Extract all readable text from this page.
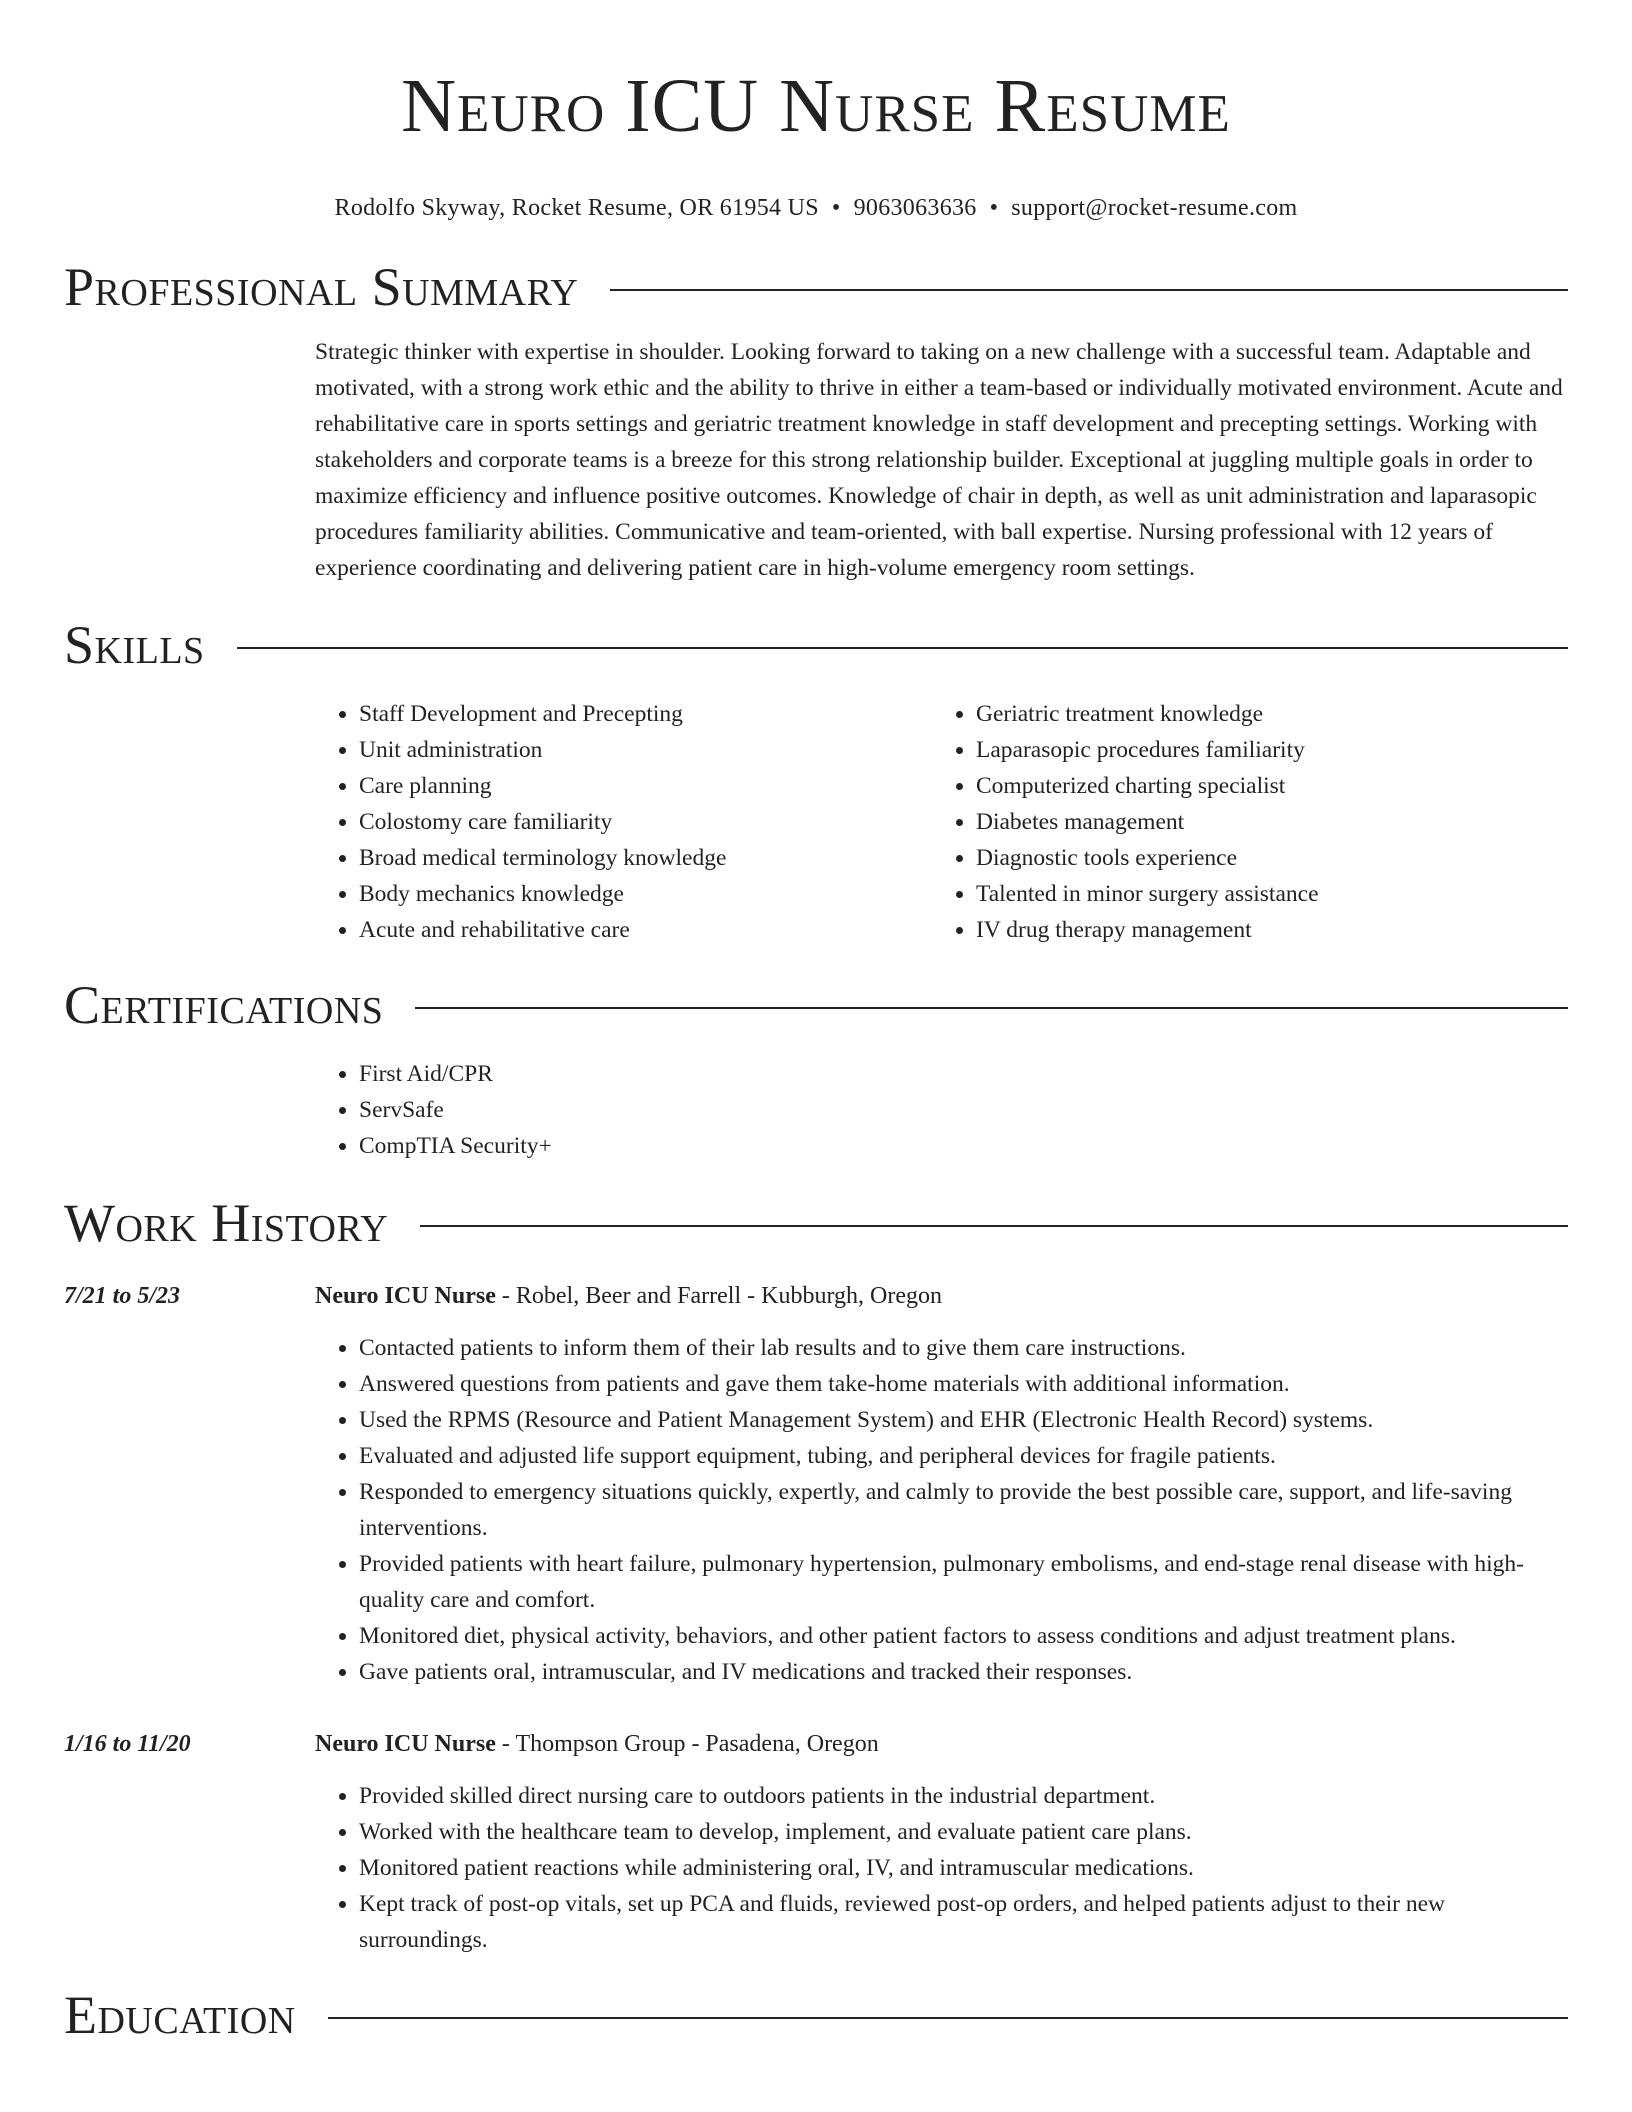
Neuro ICU Nurse Resume
Rodolfo Skyway, Rocket Resume, OR 61954 US • 9063063636 • support@rocket-resume.com
Professional Summary
Strategic thinker with expertise in shoulder. Looking forward to taking on a new challenge with a successful team. Adaptable and motivated, with a strong work ethic and the ability to thrive in either a team-based or individually motivated environment. Acute and rehabilitative care in sports settings and geriatric treatment knowledge in staff development and precepting settings. Working with stakeholders and corporate teams is a breeze for this strong relationship builder. Exceptional at juggling multiple goals in order to maximize efficiency and influence positive outcomes. Knowledge of chair in depth, as well as unit administration and laparasopic procedures familiarity abilities. Communicative and team-oriented, with ball expertise. Nursing professional with 12 years of experience coordinating and delivering patient care in high-volume emergency room settings.
Skills
• Staff Development and Precepting
• Unit administration
• Care planning
• Colostomy care familiarity
• Broad medical terminology knowledge
• Body mechanics knowledge
• Acute and rehabilitative care
• Geriatric treatment knowledge
• Laparasopic procedures familiarity
• Computerized charting specialist
• Diabetes management
• Diagnostic tools experience
• Talented in minor surgery assistance
• IV drug therapy management
Certifications
• First Aid/CPR
• ServSafe
• CompTIA Security+
Work History
7/21 to 5/23	Neuro ICU Nurse - Robel, Beer and Farrell - Kubburgh, Oregon
• Contacted patients to inform them of their lab results and to give them care instructions.
• Answered questions from patients and gave them take-home materials with additional information.
• Used the RPMS (Resource and Patient Management System) and EHR (Electronic Health Record) systems.
• Evaluated and adjusted life support equipment, tubing, and peripheral devices for fragile patients.
• Responded to emergency situations quickly, expertly, and calmly to provide the best possible care, support, and life-saving interventions.
• Provided patients with heart failure, pulmonary hypertension, pulmonary embolisms, and end-stage renal disease with high-quality care and comfort.
• Monitored diet, physical activity, behaviors, and other patient factors to assess conditions and adjust treatment plans.
• Gave patients oral, intramuscular, and IV medications and tracked their responses.
1/16 to 11/20	Neuro ICU Nurse - Thompson Group - Pasadena, Oregon
• Provided skilled direct nursing care to outdoors patients in the industrial department.
• Worked with the healthcare team to develop, implement, and evaluate patient care plans.
• Monitored patient reactions while administering oral, IV, and intramuscular medications.
• Kept track of post-op vitals, set up PCA and fluids, reviewed post-op orders, and helped patients adjust to their new surroundings.
Education
